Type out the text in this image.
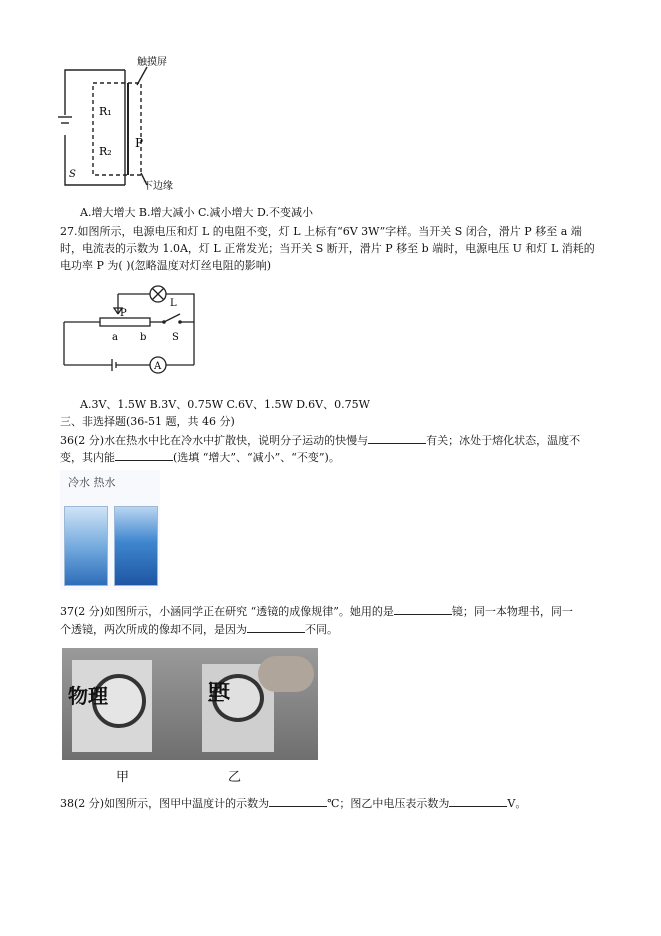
触摸屏
R₁
R₂
P
S
下边缘
A.增大增大 B.增大减小 C.减小增大 D.不变减小
27.如图所示，电源电压和灯 L 的电阻不变，灯 L 上标有“6V 3W”字样。当开关 S 闭合，滑片 P 移至 a 端
时，电流表的示数为 1.0A，灯 L 正常发光；当开关 S 断开，滑片 P 移至 b 端时，电源电压 U 和灯 L 消耗的
电功率 P 为( )(忽略温度对灯丝电阻的影响)
P
L
a b	S
A
A.3V、1.5W B.3V、0.75W C.6V、1.5W D.6V、0.75W
三、非选择题(36-51 题，共 46 分)
36(2 分)水在热水中比在冷水中扩散快，说明分子运动的快慢与	有关；冰处于熔化状态，温度不
变，其内能	(选填 “增大”、“减小”、“不变”)。
冷水 热水
37(2 分)如图所示，小涵同学正在研究 “透镜的成像规律”。她用的是	镜；同一本物理书，同一
个透镜，两次所成的像却不同，是因为	不同。
物理	理
甲	乙
38(2 分)如图所示，图甲中温度计的示数为	℃；图乙中电压表示数为	V。
